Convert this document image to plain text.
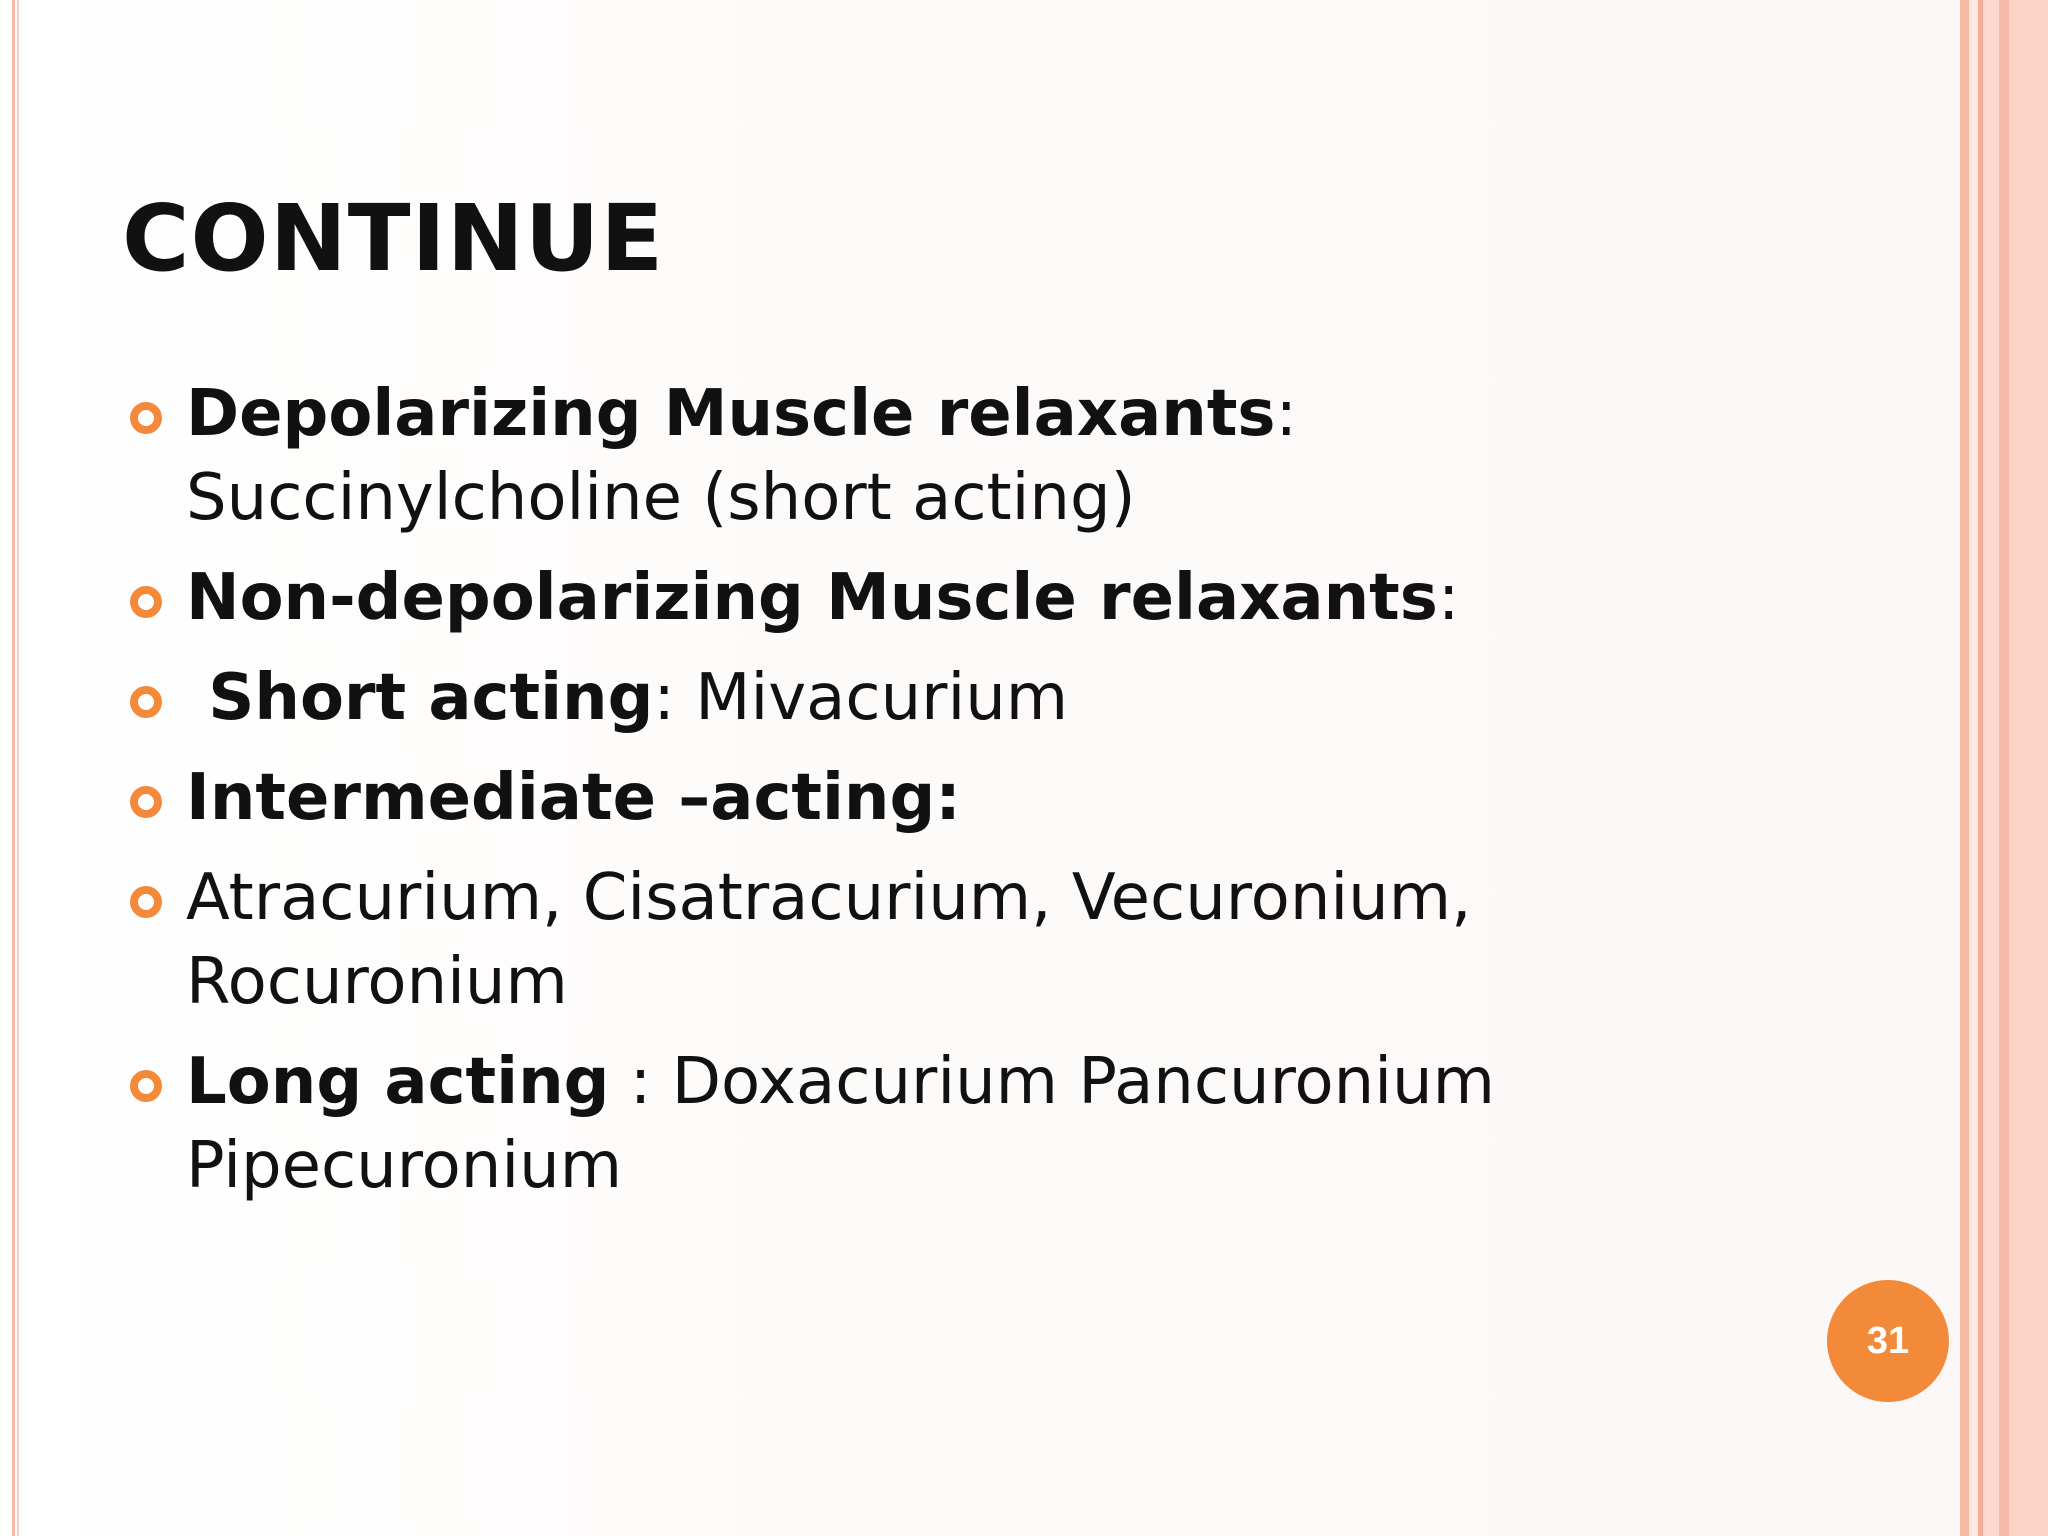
CONTINUE
Depolarizing Muscle relaxants: Succinylcholine (short acting)
Non-depolarizing Muscle relaxants:
Short acting: Mivacurium
Intermediate –acting:
Atracurium, Cisatracurium, Vecuronium, Rocuronium
Long acting : Doxacurium Pancuronium Pipecuronium
31
